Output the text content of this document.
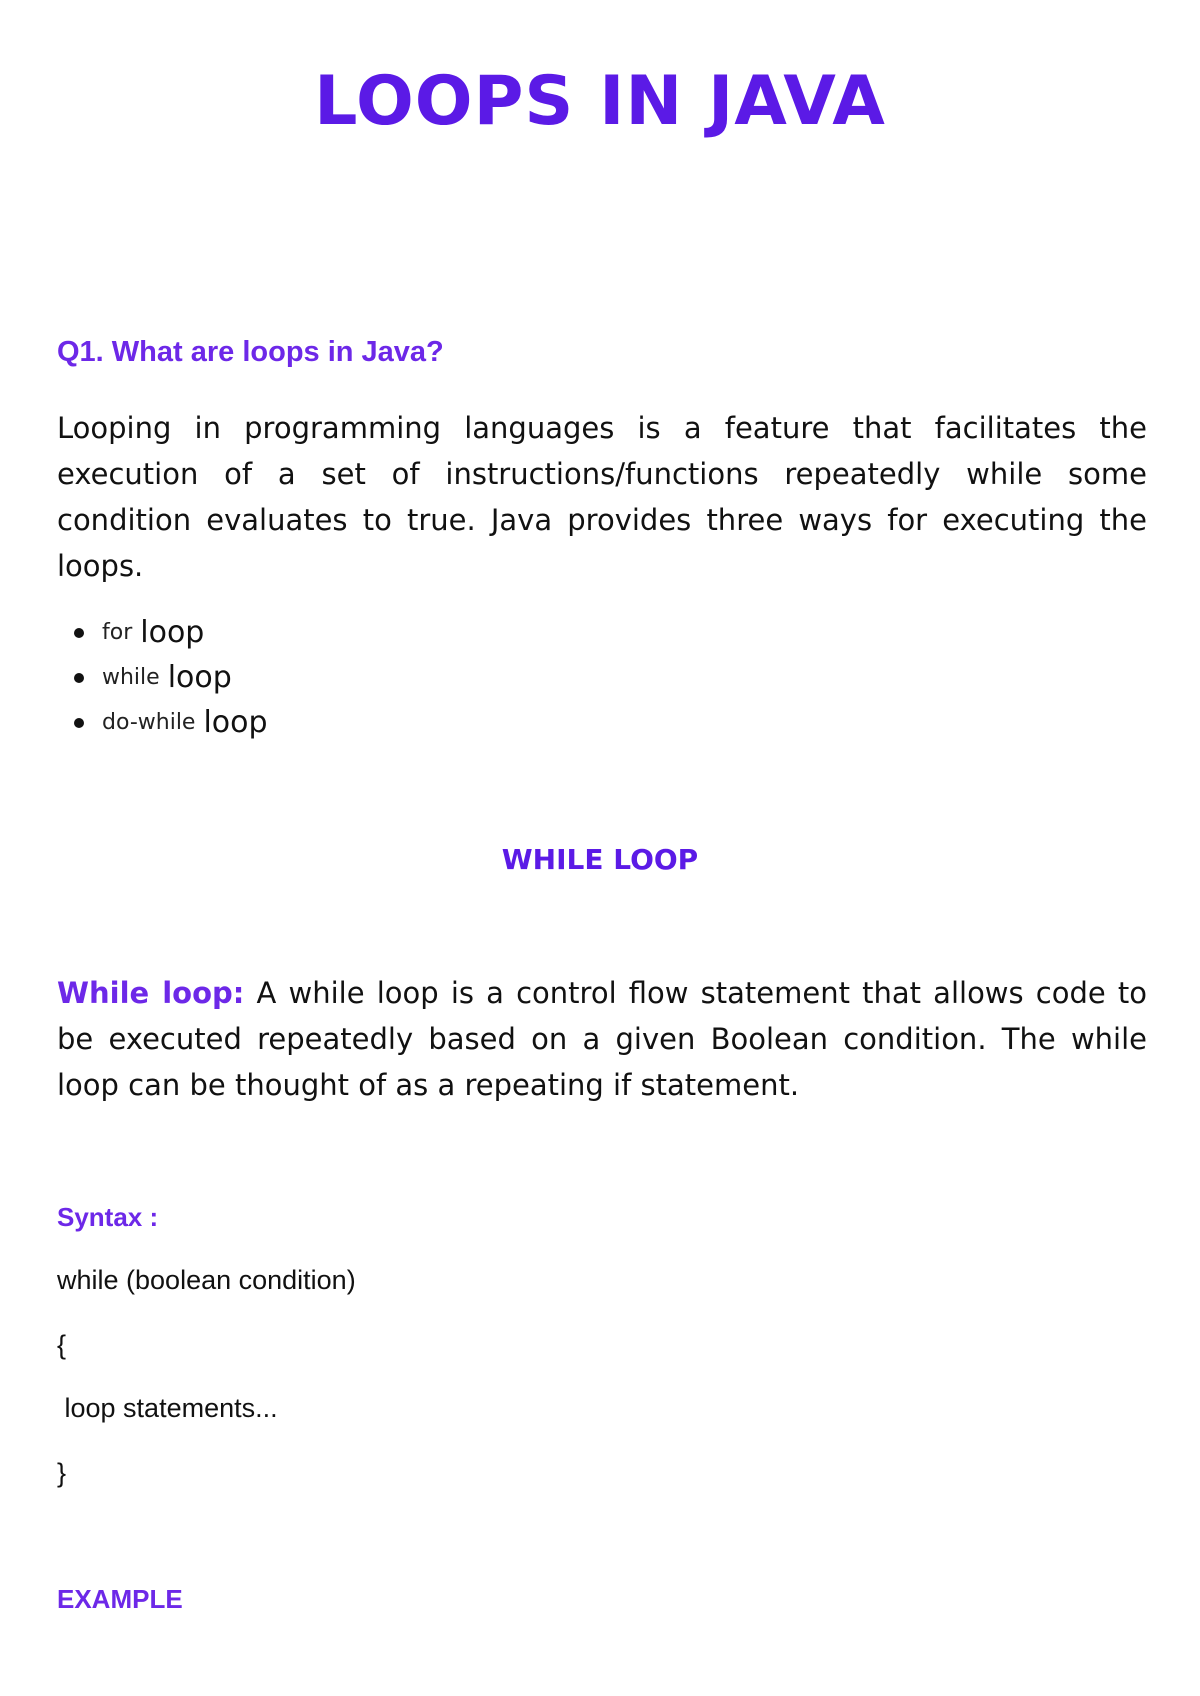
LOOPS IN JAVA
Q1. What are loops in Java?

Looping in programming languages is a feature that facilitates the execution of a set of instructions/functions repeatedly while some condition evaluates to true. Java provides three ways for executing the loops.

for loop
while loop
do-while loop
WHILE LOOP

While loop: A while loop is a control flow statement that allows code to be executed repeatedly based on a given Boolean condition. The while loop can be thought of as a repeating if statement.

Syntax :

while (boolean condition)

{

loop statements...

}

EXAMPLE
